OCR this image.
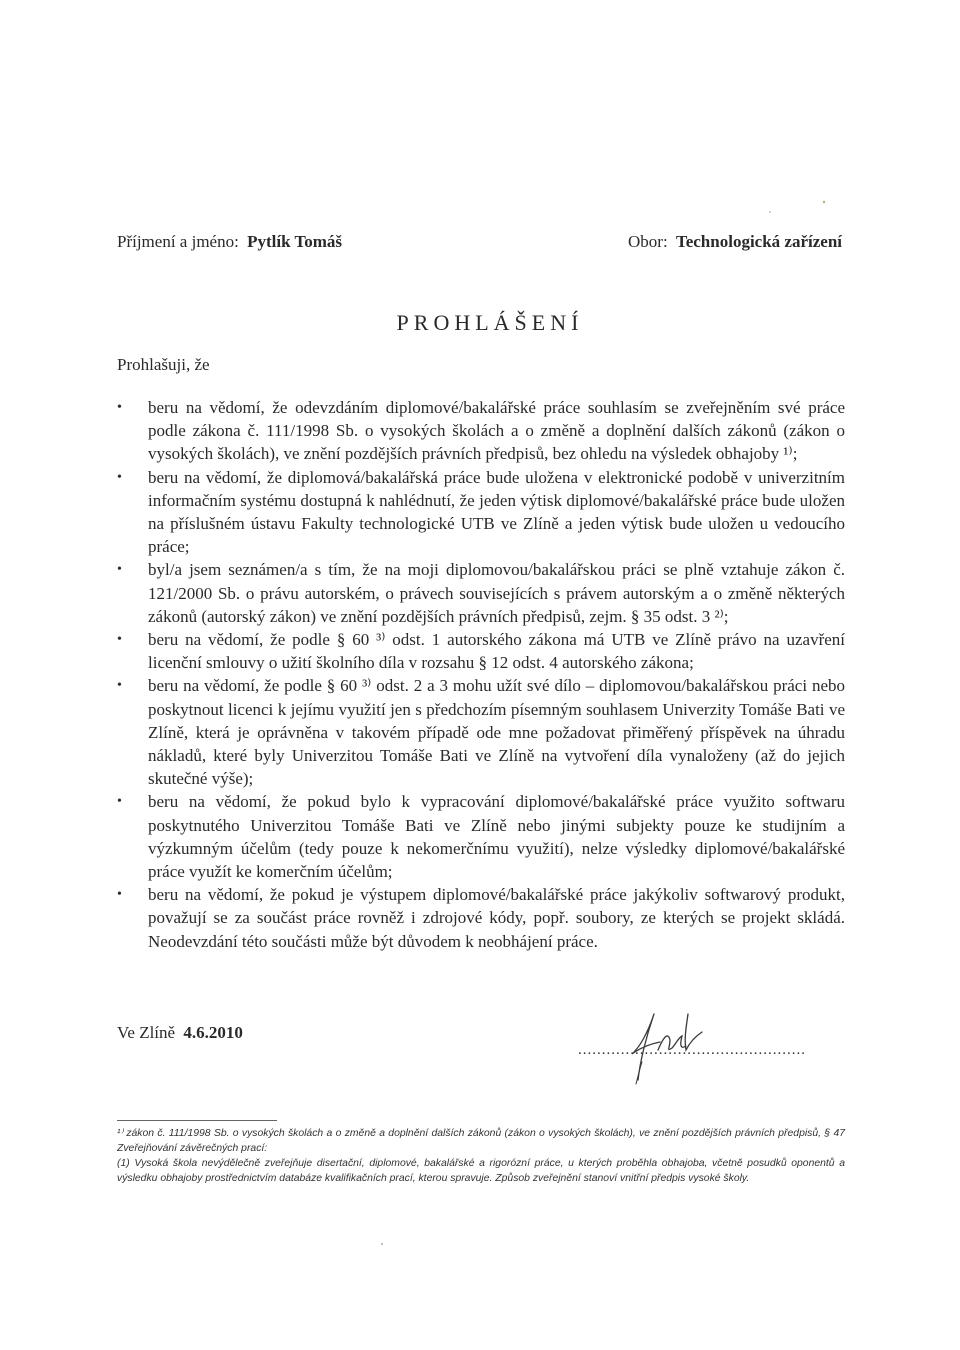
Příjmení a jméno: Pytlík Tomáš	Obor: Technologická zařízení
PROHLÁŠENÍ
Prohlašuji, že
• beru na vědomí, že odevzdáním diplomové/bakalářské práce souhlasím se zveřejněním své práce podle zákona č. 111/1998 Sb. o vysokých školách a o změně a doplnění dalších zákonů (zákon o vysokých školách), ve znění pozdějších právních předpisů, bez ohledu na výsledek obhajoby ¹⁾;
• beru na vědomí, že diplomová/bakalářská práce bude uložena v elektronické podobě v univerzitním informačním systému dostupná k nahlédnutí, že jeden výtisk diplomové/bakalářské práce bude uložen na příslušném ústavu Fakulty technologické UTB ve Zlíně a jeden výtisk bude uložen u vedoucího práce;
• byl/a jsem seznámen/a s tím, že na moji diplomovou/bakalářskou práci se plně vztahuje zákon č. 121/2000 Sb. o právu autorském, o právech souvisejících s právem autorským a o změně některých zákonů (autorský zákon) ve znění pozdějších právních předpisů, zejm. § 35 odst. 3 ²⁾;
• beru na vědomí, že podle § 60 ³⁾ odst. 1 autorského zákona má UTB ve Zlíně právo na uzavření licenční smlouvy o užití školního díla v rozsahu § 12 odst. 4 autorského zákona;
• beru na vědomí, že podle § 60 ³⁾ odst. 2 a 3 mohu užít své dílo – diplomovou/bakalářskou práci nebo poskytnout licenci k jejímu využití jen s předchozím písemným souhlasem Univerzity Tomáše Bati ve Zlíně, která je oprávněna v takovém případě ode mne požadovat přiměřený příspěvek na úhradu nákladů, které byly Univerzitou Tomáše Bati ve Zlíně na vytvoření díla vynaloženy (až do jejich skutečné výše);
• beru na vědomí, že pokud bylo k vypracování diplomové/bakalářské práce využito softwaru poskytnutého Univerzitou Tomáše Bati ve Zlíně nebo jinými subjekty pouze ke studijním a výzkumným účelům (tedy pouze k nekomerčnímu využití), nelze výsledky diplomové/bakalářské práce využít ke komerčním účelům;
• beru na vědomí, že pokud je výstupem diplomové/bakalářské práce jakýkoliv softwarový produkt, považují se za součást práce rovněž i zdrojové kódy, popř. soubory, ze kterých se projekt skládá. Neodevzdání této součásti může být důvodem k neobhájení práce.
Ve Zlíně 4.6.2010
................................................

¹⁾ zákon č. 111/1998 Sb. o vysokých školách a o změně a doplnění dalších zákonů (zákon o vysokých školách), ve znění pozdějších právních předpisů, § 47 Zveřejňování závěrečných prací:

(1) Vysoká škola nevýdělečně zveřejňuje disertační, diplomové, bakalářské a rigorózní práce, u kterých proběhla obhajoba, včetně posudků oponentů a výsledku obhajoby prostřednictvím databáze kvalifikačních prací, kterou spravuje. Způsob zveřejnění stanoví vnitřní předpis vysoké školy.
